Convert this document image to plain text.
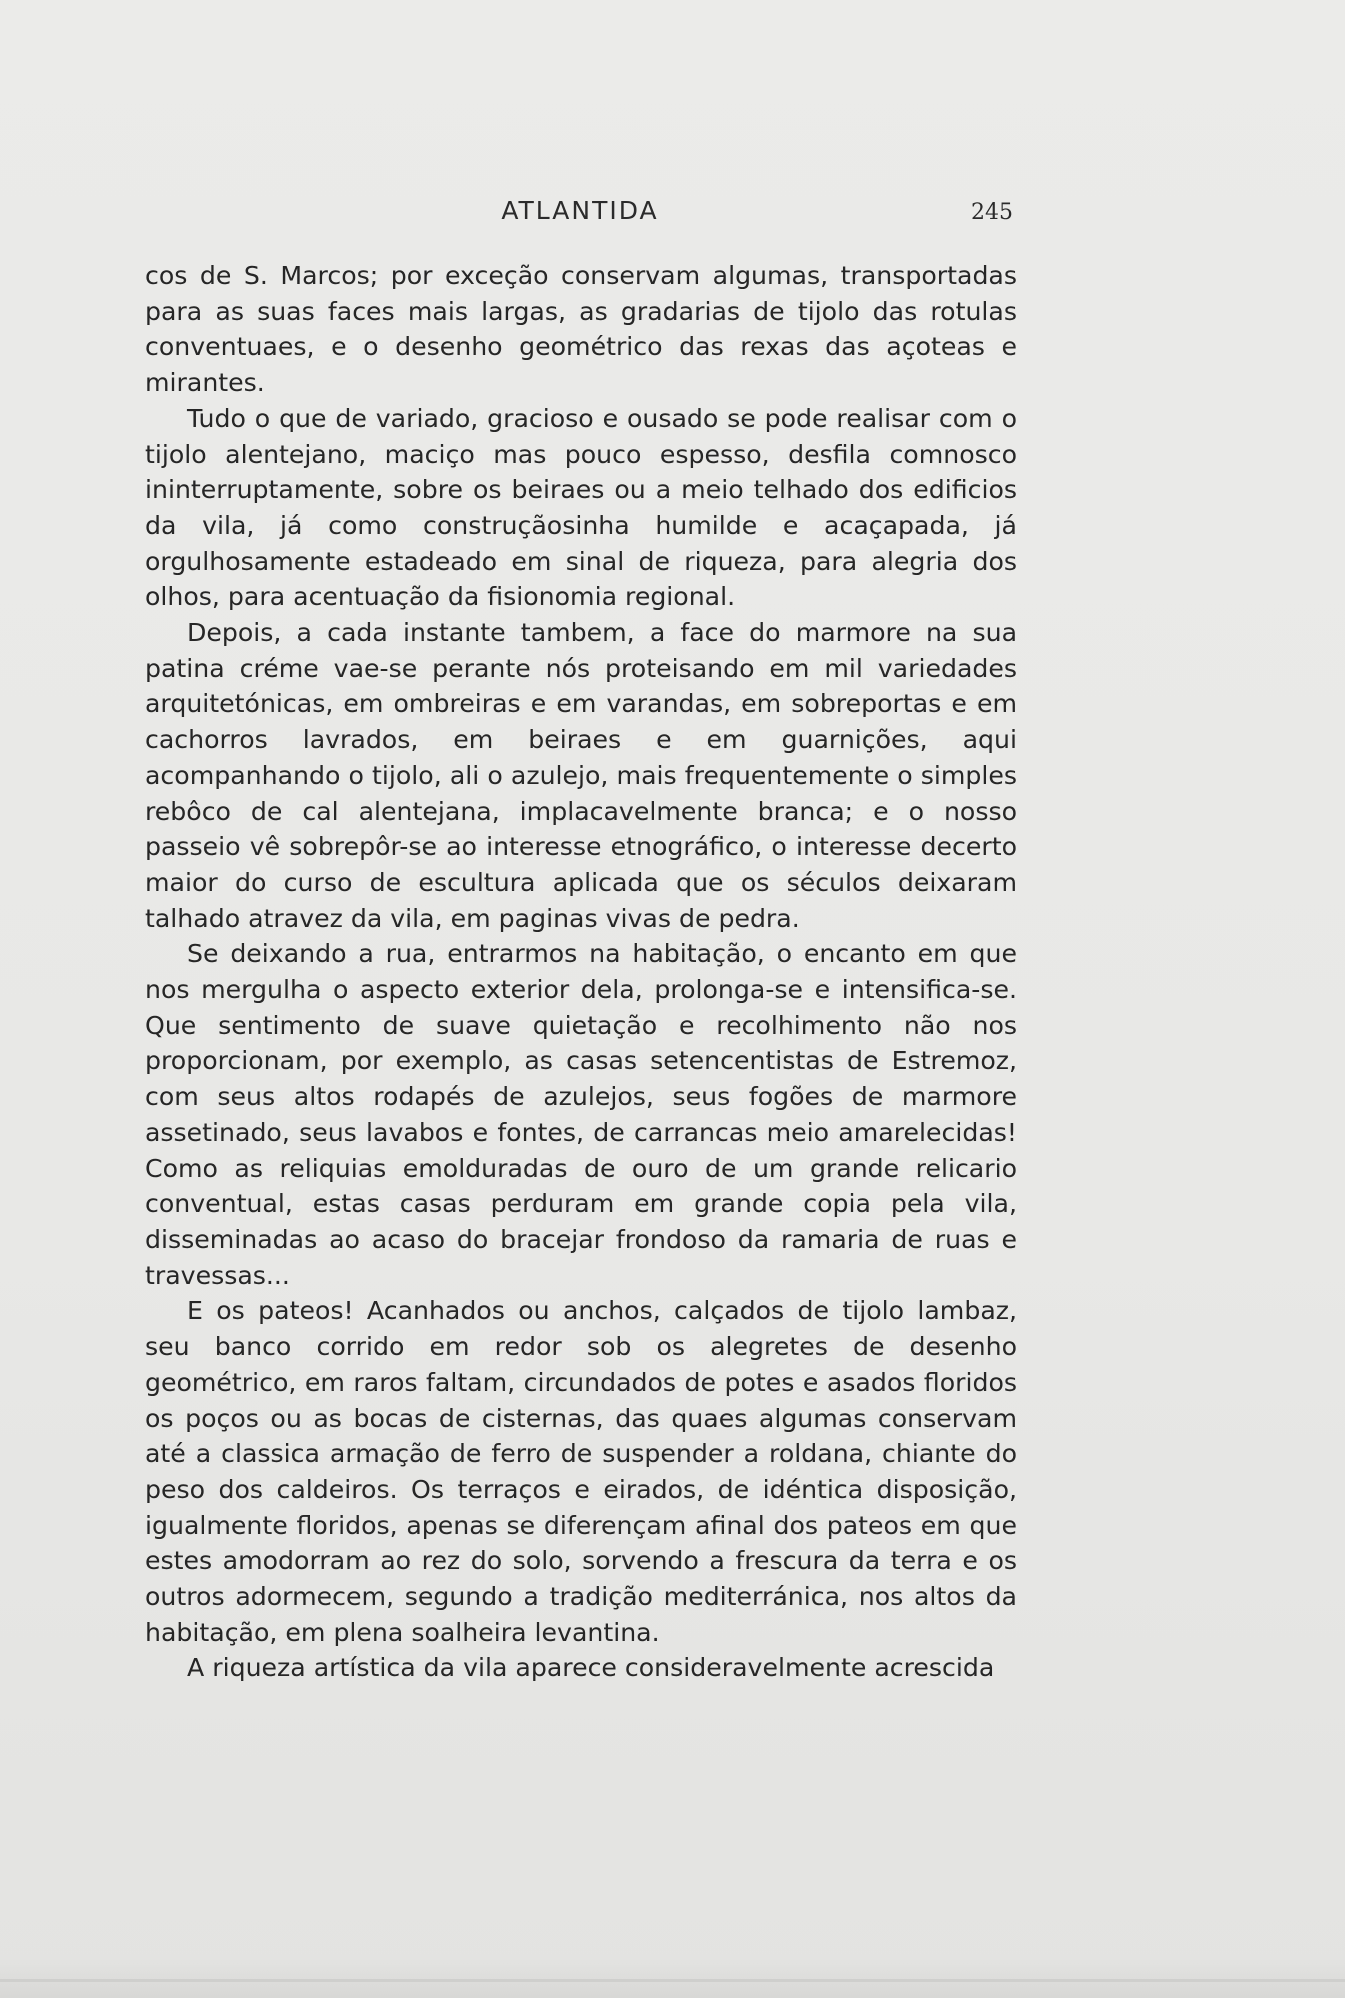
ATLANTIDA	245

cos de S. Marcos; por exceção conservam algumas, transportadas para as suas faces mais largas, as gradarias de tijolo das rotulas conventuaes, e o desenho geométrico das rexas das açoteas e mirantes.

Tudo o que de variado, gracioso e ousado se pode realisar com o tijolo alentejano, maciço mas pouco espesso, desfila comnosco ininterruptamente, sobre os beiraes ou a meio telhado dos edificios da vila, já como construçãosinha humilde e acaçapada, já orgulhosamente estadeado em sinal de riqueza, para alegria dos olhos, para acentuação da fisionomia regional.

Depois, a cada instante tambem, a face do marmore na sua patina créme vae-se perante nós proteisando em mil variedades arquitetónicas, em ombreiras e em varandas, em sobreportas e em cachorros lavrados, em beiraes e em guarnições, aqui acompanhando o tijolo, ali o azulejo, mais frequentemente o simples rebôco de cal alentejana, implacavelmente branca; e o nosso passeio vê sobrepôr-se ao interesse etnográfico, o interesse decerto maior do curso de escultura aplicada que os séculos deixaram talhado atravez da vila, em paginas vivas de pedra.

Se deixando a rua, entrarmos na habitação, o encanto em que nos mergulha o aspecto exterior dela, prolonga-se e intensifica-se. Que sentimento de suave quietação e recolhimento não nos proporcionam, por exemplo, as casas setencentistas de Estremoz, com seus altos rodapés de azulejos, seus fogões de marmore assetinado, seus lavabos e fontes, de carrancas meio amarelecidas! Como as reliquias emolduradas de ouro de um grande relicario conventual, estas casas perduram em grande copia pela vila, disseminadas ao acaso do bracejar frondoso da ramaria de ruas e travessas...

E os pateos! Acanhados ou anchos, calçados de tijolo lambaz, seu banco corrido em redor sob os alegretes de desenho geométrico, em raros faltam, circundados de potes e asados floridos os poços ou as bocas de cisternas, das quaes algumas conservam até a classica armação de ferro de suspender a roldana, chiante do peso dos caldeiros. Os terraços e eirados, de idéntica disposição, igualmente floridos, apenas se diferençam afinal dos pateos em que estes amodorram ao rez do solo, sorvendo a frescura da terra e os outros adormecem, segundo a tradição mediterránica, nos altos da habitação, em plena soalheira levantina.

A riqueza artística da vila aparece consideravelmente acrescida
